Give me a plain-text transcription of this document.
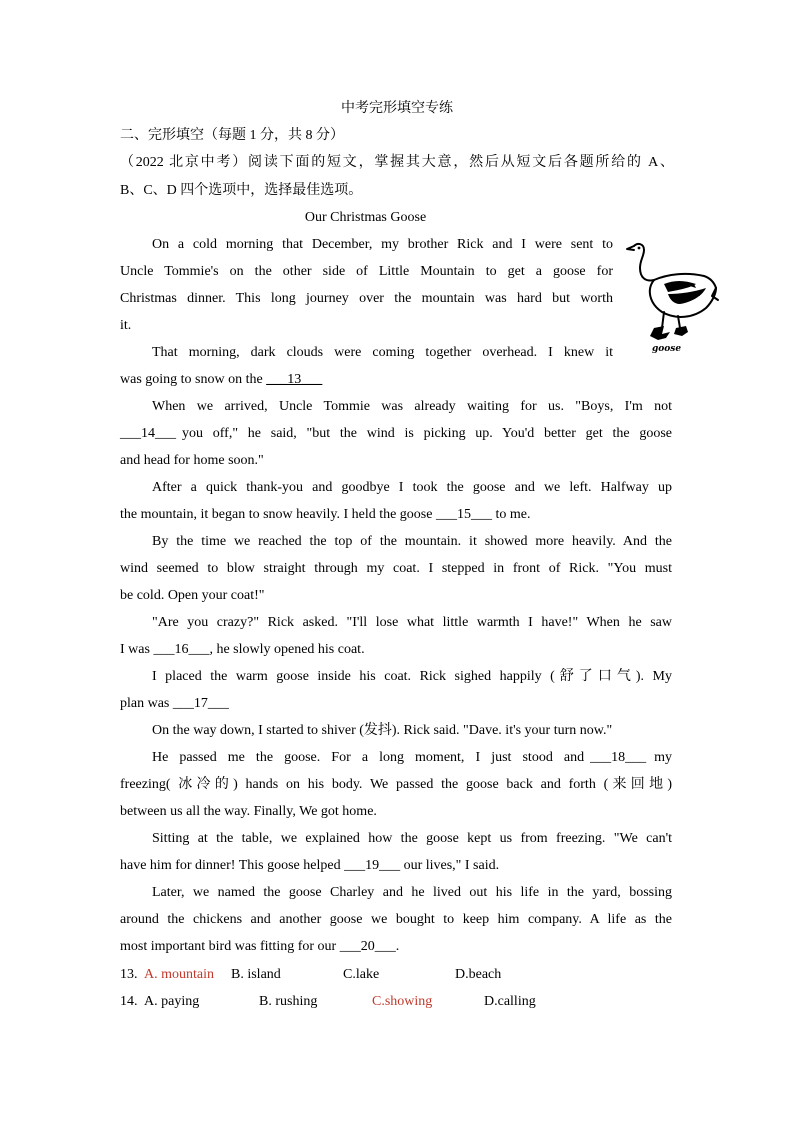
中考完形填空专练
二、完形填空（每题 1 分，共 8 分）
（2022 北京中考）阅读下面的短文，掌握其大意，然后从短文后各题所给的 A、
B、C、D 四个选项中，选择最佳选项。
Our Christmas Goose
goose
On a cold morning that December, my brother Rick and I were sent to
Uncle Tommie's on the other side of Little Mountain to get a goose for
Christmas dinner. This long journey over the mountain was hard but worth
it.
That morning, dark clouds were coming together overhead. I knew it
was going to snow on the ___13___
When we arrived, Uncle Tommie was already waiting for us. "Boys, I'm not
___14___ you off," he said, "but the wind is picking up. You'd better get the goose
and head for home soon."
After a quick thank-you and goodbye I took the goose and we left. Halfway up
the mountain, it began to snow heavily. I held the goose ___15___ to me.
By the time we reached the top of the mountain. it showed more heavily. And the
wind seemed to blow straight through my coat. I stepped in front of Rick. "You must
be cold. Open your coat!"
"Are you crazy?" Rick asked. "I'll lose what little warmth I have!" When he saw
I was ___16___, he slowly opened his coat.
I placed the warm goose inside his coat. Rick sighed happily (舒了口气). My
plan was ___17___
On the way down, I started to shiver (发抖). Rick said. "Dave. it's your turn now."
He passed me the goose. For a long moment, I just stood and ___18___ my
freezing( 冰冷的) hands on his body. We passed the goose back and forth (来回地)
between us all the way. Finally, We got home.
Sitting at the table, we explained how the goose kept us from freezing. "We can't
have him for dinner! This goose helped ___19___ our lives," I said.
Later, we named the goose Charley and he lived out his life in the yard, bossing
around the chickens and another goose we bought to keep him company. A life as the
most important bird was fitting for our ___20___.
13. A. mountain B. island	C.lake	D.beach
14. A. paying	B. rushing	C.showing	D.calling
